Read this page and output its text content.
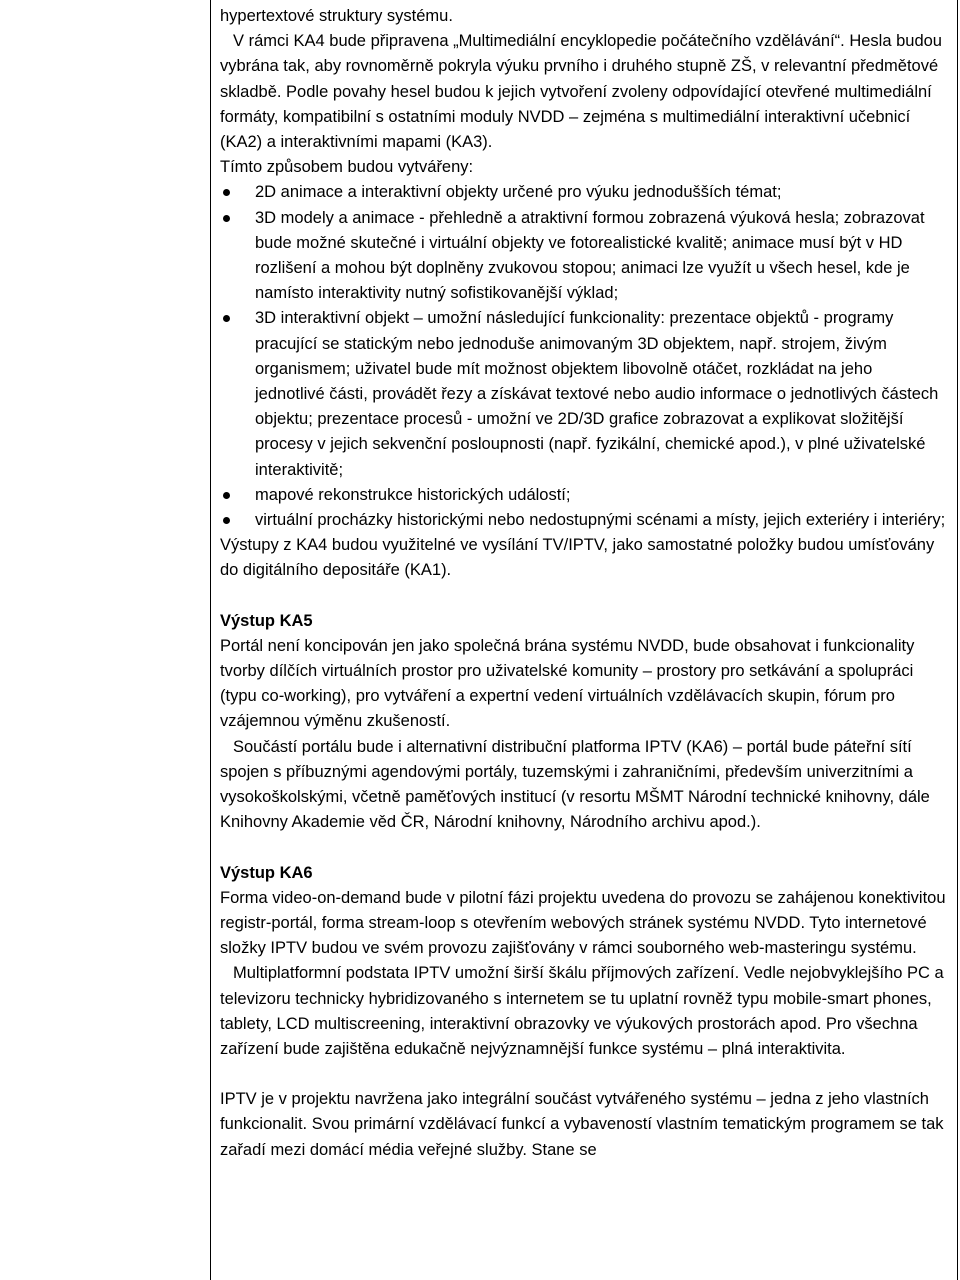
hypertextové struktury systému.

V rámci KA4 bude připravena „Multimediální encyklopedie počátečního vzdělávání“. Hesla budou vybrána tak, aby rovnoměrně pokryla výuku prvního i druhého stupně ZŠ, v relevantní předmětové skladbě. Podle povahy hesel budou k jejich vytvoření zvoleny odpovídající otevřené multimediální formáty, kompatibilní s ostatními moduly NVDD – zejména s multimediální interaktivní učebnicí (KA2) a interaktivními mapami (KA3).

Tímto způsobem budou vytvářeny:

2D animace a interaktivní objekty určené pro výuku jednodušších témat;
3D modely a animace - přehledně a atraktivní formou zobrazená výuková hesla; zobrazovat bude možné skutečné i virtuální objekty ve fotorealistické kvalitě; animace musí být v HD rozlišení a mohou být doplněny zvukovou stopou; animaci lze využít u všech hesel, kde je namísto interaktivity nutný sofistikovanější výklad;
3D interaktivní objekt – umožní následující funkcionality: prezentace objektů - programy pracující se statickým nebo jednoduše animovaným 3D objektem, např. strojem, živým organismem; uživatel bude mít možnost objektem libovolně otáčet, rozkládat na jeho jednotlivé části, provádět řezy a získávat textové nebo audio informace o jednotlivých částech objektu; prezentace procesů - umožní ve 2D/3D grafice zobrazovat a explikovat složitější procesy v jejich sekvenční posloupnosti (např. fyzikální, chemické apod.), v plné uživatelské interaktivitě;
mapové rekonstrukce historických událostí;
virtuální procházky historickými nebo nedostupnými scénami a místy, jejich exteriéry i interiéry;

Výstupy z KA4 budou využitelné ve vysílání TV/IPTV, jako samostatné položky budou umísťovány do digitálního depositáře (KA1).

Výstup KA5

Portál není koncipován jen jako společná brána systému NVDD, bude obsahovat i funkcionality tvorby dílčích virtuálních prostor pro uživatelské komunity – prostory pro setkávání a spolupráci (typu co-working), pro vytváření a expertní vedení virtuálních vzdělávacích skupin, fórum pro vzájemnou výměnu zkušeností.

Součástí portálu bude i alternativní distribuční platforma IPTV (KA6) – portál bude páteřní sítí spojen s příbuznými agendovými portály, tuzemskými i zahraničními, především univerzitními a vysokoškolskými, včetně paměťových institucí (v resortu MŠMT Národní technické knihovny, dále Knihovny Akademie věd ČR, Národní knihovny, Národního archivu apod.).

Výstup KA6

Forma video-on-demand bude v pilotní fázi projektu uvedena do provozu se zahájenou konektivitou registr-portál, forma stream-loop s otevřením webových stránek systému NVDD. Tyto internetové složky IPTV budou ve svém provozu zajišťovány v rámci souborného web-masteringu systému.

Multiplatformní podstata IPTV umožní širší škálu příjmových zařízení. Vedle nejobvyklejšího PC a televizoru technicky hybridizovaného s internetem se tu uplatní rovněž typu mobile-smart phones, tablety, LCD multiscreening, interaktivní obrazovky ve výukových prostorách apod. Pro všechna zařízení bude zajištěna edukačně nejvýznamnější funkce systému – plná interaktivita.

IPTV je v projektu navržena jako integrální součást vytvářeného systému – jedna z jeho vlastních funkcionalit. Svou primární vzdělávací funkcí a vybaveností vlastním tematickým programem se tak zařadí mezi domácí média veřejné služby. Stane se
